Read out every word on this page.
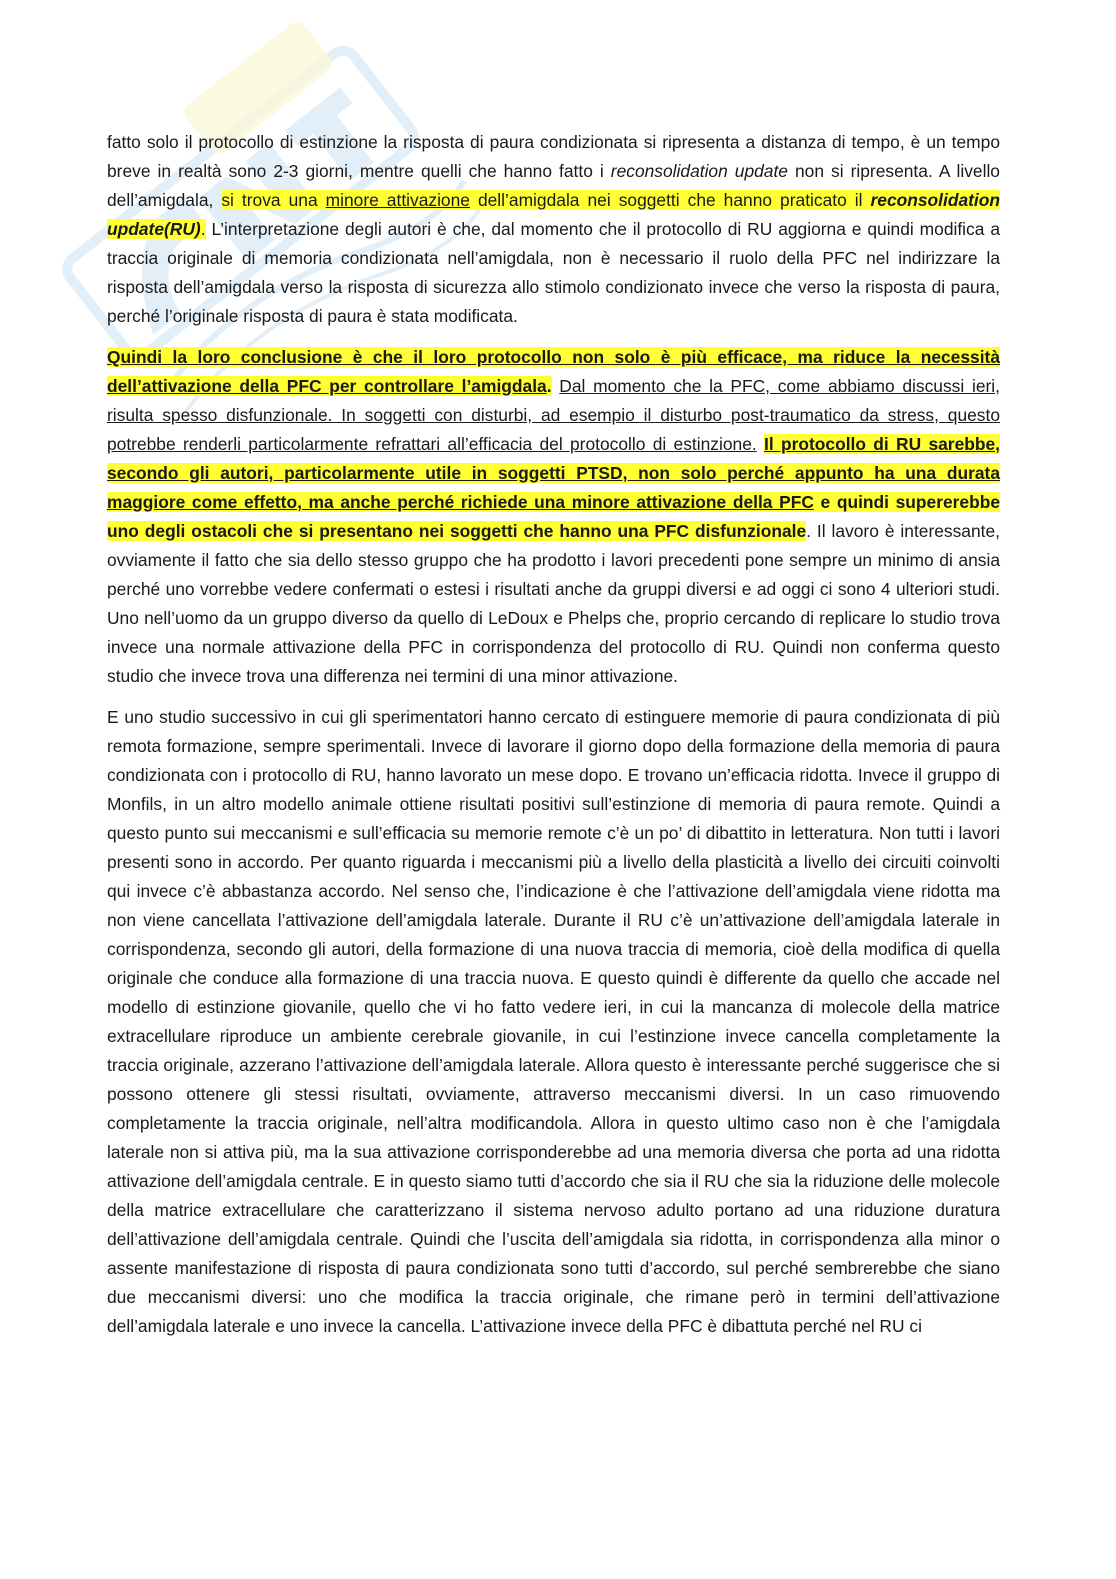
fatto solo il protocollo di estinzione la risposta di paura condizionata si ripresenta a distanza di tempo, è un tempo breve in realtà sono 2-3 giorni, mentre quelli che hanno fatto i reconsolidation update non si ripresenta. A livello dell’amigdala, si trova una minore attivazione dell’amigdala nei soggetti che hanno praticato il reconsolidation update(RU). L’interpretazione degli autori è che, dal momento che il protocollo di RU aggiorna e quindi modifica a traccia originale di memoria condizionata nell’amigdala, non è necessario il ruolo della PFC nel indirizzare la risposta dell’amigdala verso la risposta di sicurezza allo stimolo condizionato invece che verso la risposta di paura, perché l’originale risposta di paura è stata modificata.

Quindi la loro conclusione è che il loro protocollo non solo è più efficace, ma riduce la necessità dell’attivazione della PFC per controllare l’amigdala. Dal momento che la PFC, come abbiamo discussi ieri, risulta spesso disfunzionale. In soggetti con disturbi, ad esempio il disturbo post-traumatico da stress, questo potrebbe renderli particolarmente refrattari all’efficacia del protocollo di estinzione. Il protocollo di RU sarebbe, secondo gli autori, particolarmente utile in soggetti PTSD, non solo perché appunto ha una durata maggiore come effetto, ma anche perché richiede una minore attivazione della PFC e quindi supererebbe uno degli ostacoli che si presentano nei soggetti che hanno una PFC disfunzionale. Il lavoro è interessante, ovviamente il fatto che sia dello stesso gruppo che ha prodotto i lavori precedenti pone sempre un minimo di ansia perché uno vorrebbe vedere confermati o estesi i risultati anche da gruppi diversi e ad oggi ci sono 4 ulteriori studi. Uno nell’uomo da un gruppo diverso da quello di LeDoux e Phelps che, proprio cercando di replicare lo studio trova invece una normale attivazione della PFC in corrispondenza del protocollo di RU. Quindi non conferma questo studio che invece trova una differenza nei termini di una minor attivazione.

E uno studio successivo in cui gli sperimentatori hanno cercato di estinguere memorie di paura condizionata di più remota formazione, sempre sperimentali. Invece di lavorare il giorno dopo della formazione della memoria di paura condizionata con i protocollo di RU, hanno lavorato un mese dopo. E trovano un’efficacia ridotta. Invece il gruppo di Monfils, in un altro modello animale ottiene risultati positivi sull’estinzione di memoria di paura remote. Quindi a questo punto sui meccanismi e sull’efficacia su memorie remote c’è un po’ di dibattito in letteratura. Non tutti i lavori presenti sono in accordo. Per quanto riguarda i meccanismi più a livello della plasticità a livello dei circuiti coinvolti qui invece c’è abbastanza accordo. Nel senso che, l’indicazione è che l’attivazione dell’amigdala viene ridotta ma non viene cancellata l’attivazione dell’amigdala laterale. Durante il RU c’è un’attivazione dell’amigdala laterale in corrispondenza, secondo gli autori, della formazione di una nuova traccia di memoria, cioè della modifica di quella originale che conduce alla formazione di una traccia nuova. E questo quindi è differente da quello che accade nel modello di estinzione giovanile, quello che vi ho fatto vedere ieri, in cui la mancanza di molecole della matrice extracellulare riproduce un ambiente cerebrale giovanile, in cui l’estinzione invece cancella completamente la traccia originale, azzerano l’attivazione dell’amigdala laterale. Allora questo è interessante perché suggerisce che si possono ottenere gli stessi risultati, ovviamente, attraverso meccanismi diversi. In un caso rimuovendo completamente la traccia originale, nell’altra modificandola. Allora in questo ultimo caso non è che l’amigdala laterale non si attiva più, ma la sua attivazione corrisponderebbe ad una memoria diversa che porta ad una ridotta attivazione dell’amigdala centrale. E in questo siamo tutti d’accordo che sia il RU che sia la riduzione delle molecole della matrice extracellulare che caratterizzano il sistema nervoso adulto portano ad una riduzione duratura dell’attivazione dell’amigdala centrale. Quindi che l’uscita dell’amigdala sia ridotta, in corrispondenza alla minor o assente manifestazione di risposta di paura condizionata sono tutti d’accordo, sul perché sembrerebbe che siano due meccanismi diversi: uno che modifica la traccia originale, che rimane però in termini dell’attivazione dell’amigdala laterale e uno invece la cancella. L’attivazione invece della PFC è dibattuta perché nel RU ci
